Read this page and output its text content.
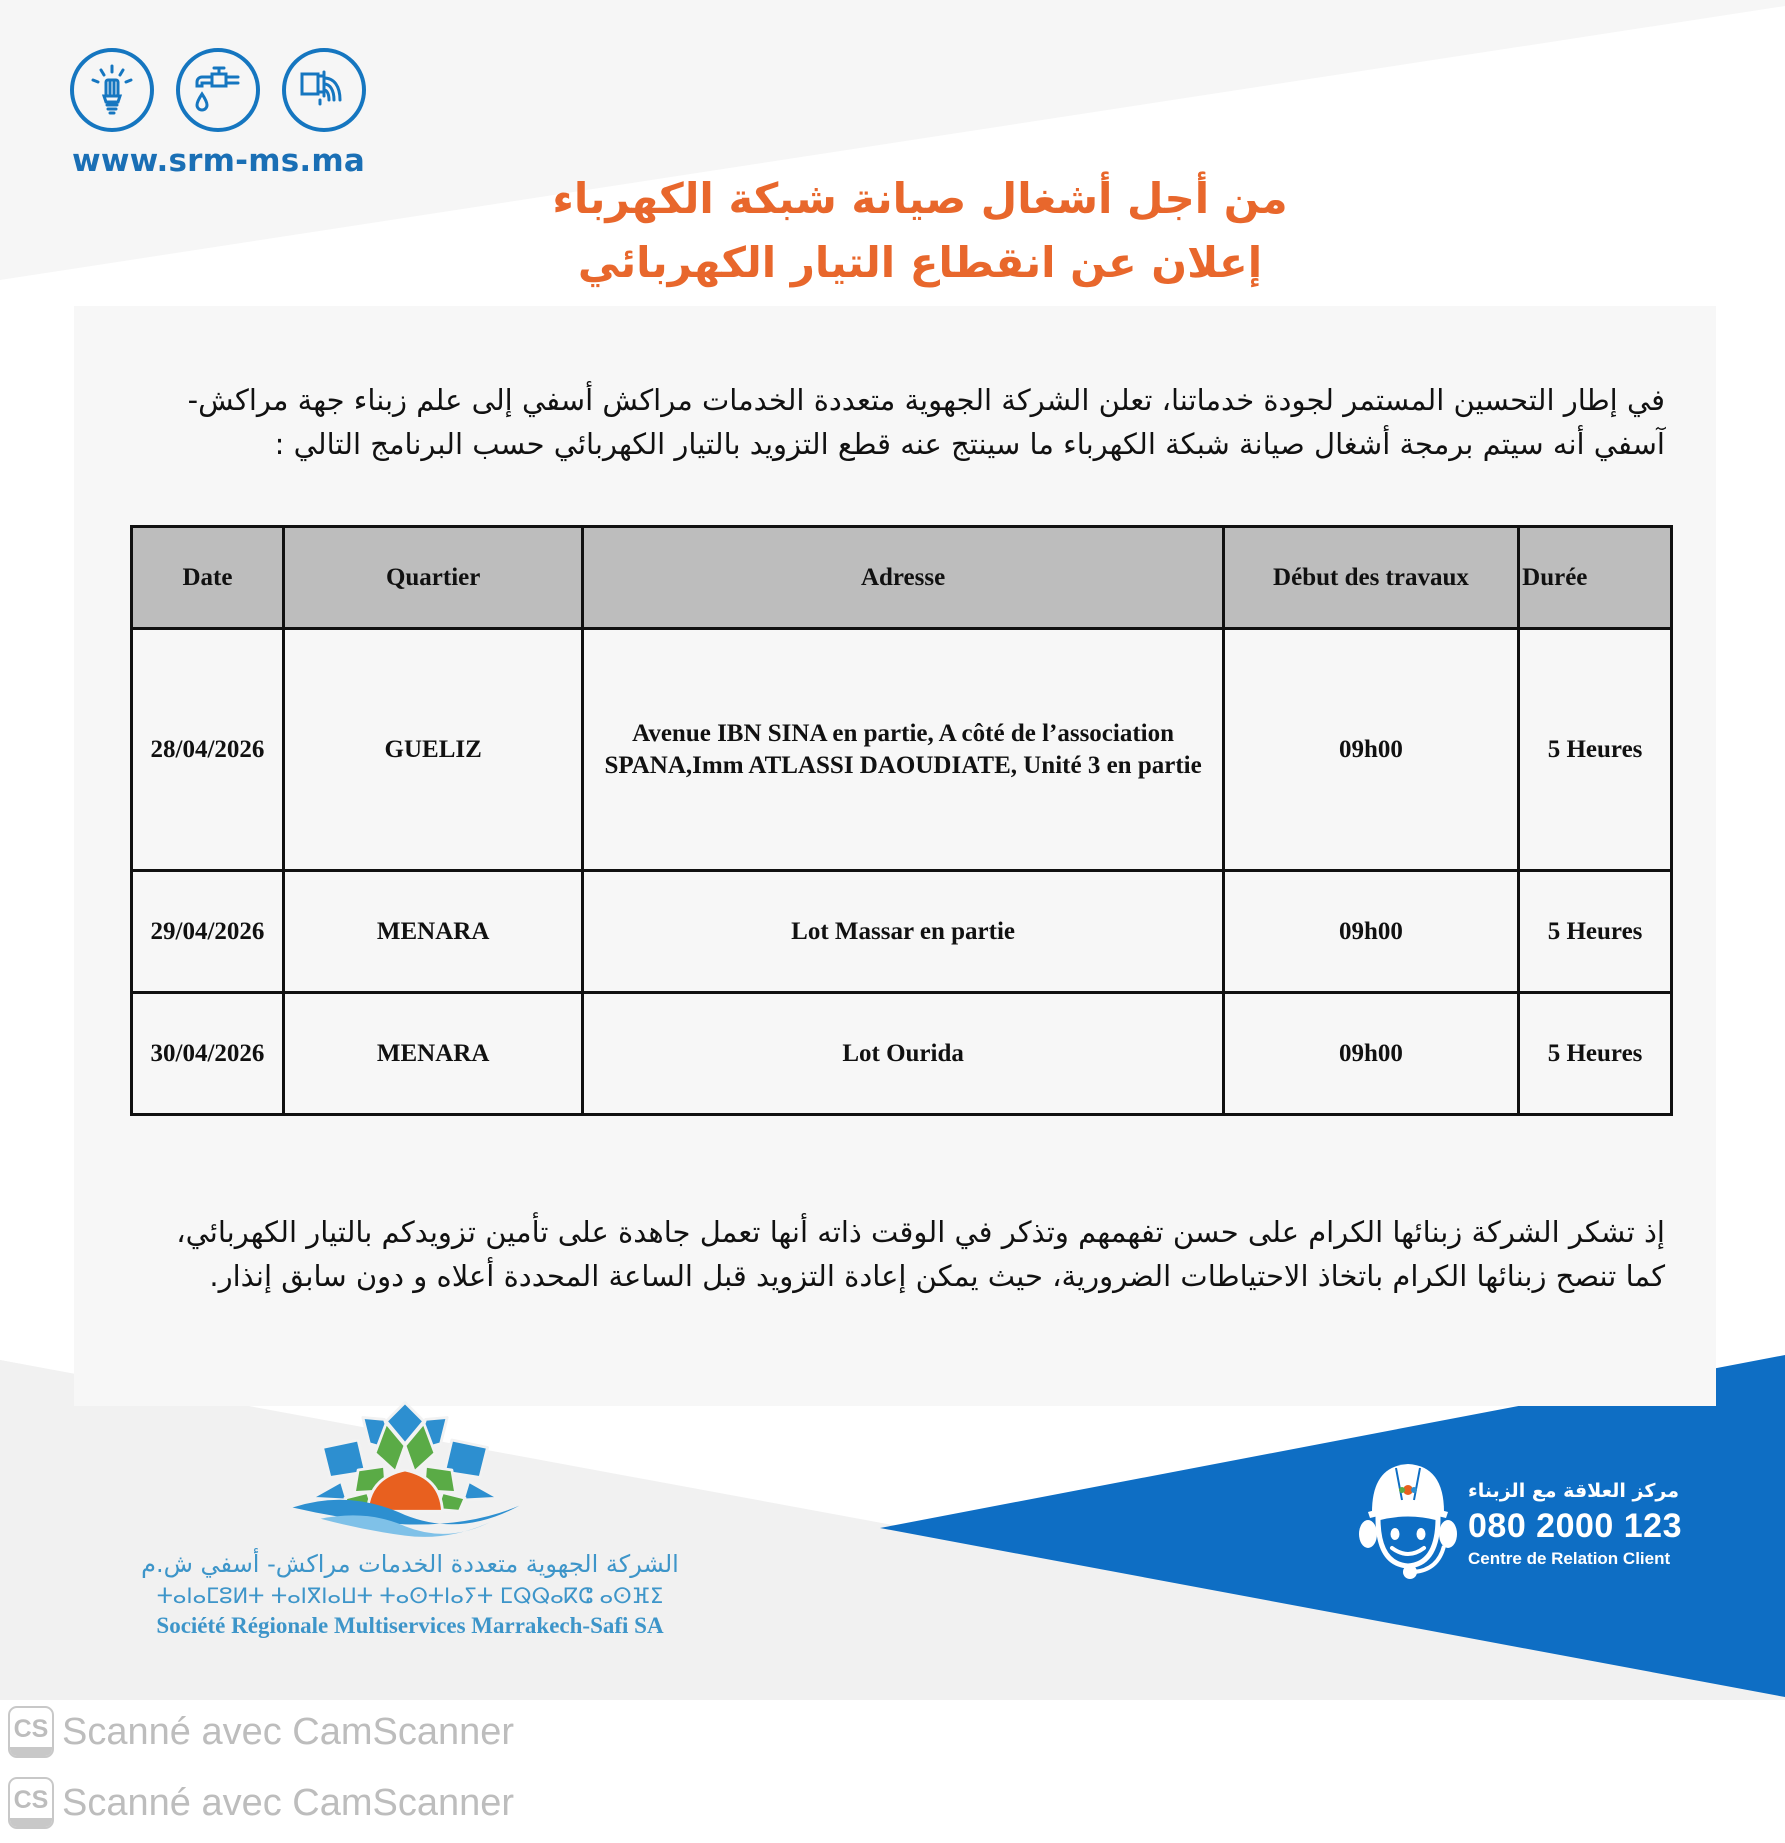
www.srm-ms.ma
من أجل أشغال صيانة شبكة الكهرباء
إعلان عن انقطاع التيار الكهربائي

في إطار التحسين المستمر لجودة خدماتنا، تعلن الشركة الجهوية متعددة الخدمات مراكش أسفي إلى علم زبناء جهة مراكش- آسفي أنه سيتم برمجة أشغال صيانة شبكة الكهرباء ما سينتج عنه قطع التزويد بالتيار الكهربائي حسب البرنامج التالي :

Date	Quartier	Adresse	Début des travaux	Durée
28/04/2026	GUELIZ	Avenue IBN SINA en partie, A côté de l’association SPANA,Imm ATLASSI DAOUDIATE, Unité 3 en partie	09h00	5 Heures
29/04/2026	MENARA	Lot Massar en partie	09h00	5 Heures
30/04/2026	MENARA	Lot Ourida	09h00	5 Heures

إذ تشكر الشركة زبنائها الكرام على حسن تفهمهم وتذكر في الوقت ذاته أنها تعمل جاهدة على تأمين تزويدكم بالتيار الكهربائي، كما تنصح زبنائها الكرام باتخاذ الاحتياطات الضرورية، حيث يمكن إعادة التزويد قبل الساعة المحددة أعلاه و دون سابق إنذار.

الشركة الجهوية متعددة الخدمات مراكش- أسفي ش.م
ⵜⴰⵏⴰⵎⵓⵍⵜ ⵜⴰⵏⴳⵏⴰⵡⵜ ⵜⴰⵙⵜⵏⴰⵢⵜ ⵎⵕⵕⴰⴽⵛ ⴰⵙⴼⵉ
Société Régionale Multiservices Marrakech-Safi SA
مركز العلاقة مع الزبناء
080 2000 123
Centre de Relation Client
CS Scanné avec CamScanner
CS Scanné avec CamScanner
